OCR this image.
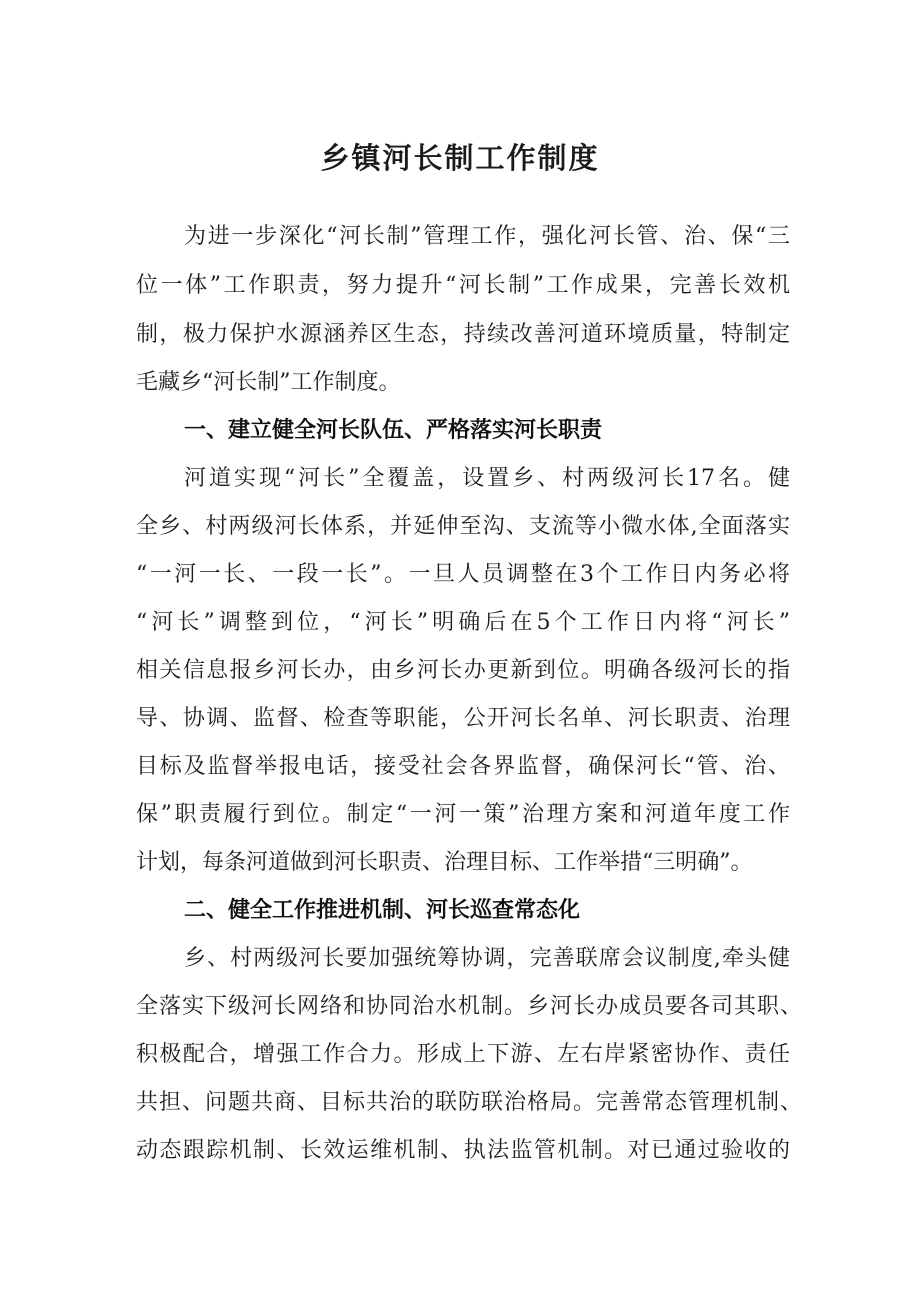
乡镇河长制工作制度
为进一步深化“河长制”管理工作，强化河长管、治、保“三
位一体”工作职责，努力提升“河长制”工作成果，完善长效机
制，极力保护水源涵养区生态，持续改善河道环境质量，特制定
毛藏乡“河长制”工作制度。
一、建立健全河长队伍、严格落实河长职责
河道实现“河长”全覆盖，设置乡、村两级河长17名。健
全乡、村两级河长体系，并延伸至沟、支流等小微水体,全面落实
“一河一长、一段一长”。一旦人员调整在3个工作日内务必将
“河长”调整到位，“河长”明确后在5个工作日内将“河长”
相关信息报乡河长办，由乡河长办更新到位。明确各级河长的指
导、协调、监督、检查等职能，公开河长名单、河长职责、治理
目标及监督举报电话，接受社会各界监督，确保河长“管、治、
保”职责履行到位。制定“一河一策”治理方案和河道年度工作
计划，每条河道做到河长职责、治理目标、工作举措“三明确”。
二、健全工作推进机制、河长巡查常态化
乡、村两级河长要加强统筹协调，完善联席会议制度,牵头健
全落实下级河长网络和协同治水机制。乡河长办成员要各司其职、
积极配合，增强工作合力。形成上下游、左右岸紧密协作、责任
共担、问题共商、目标共治的联防联治格局。完善常态管理机制、
动态跟踪机制、长效运维机制、执法监管机制。对已通过验收的
